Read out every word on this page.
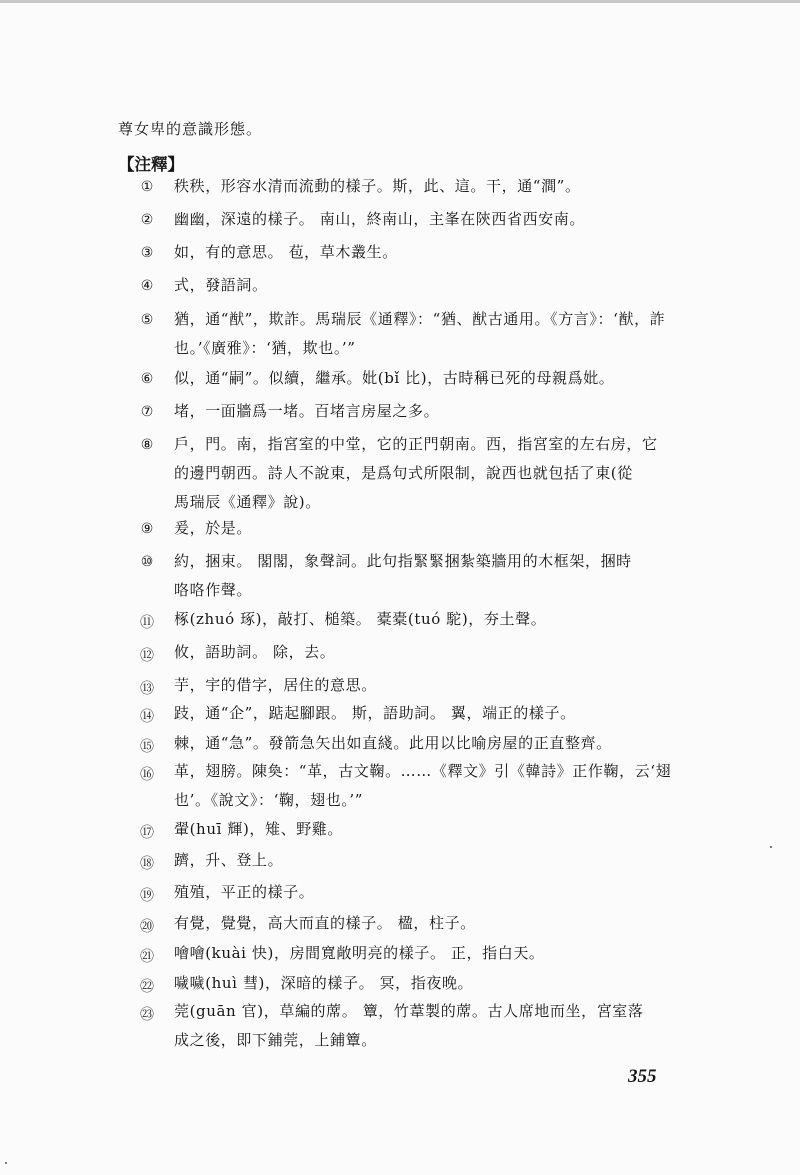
尊女卑的意識形態。
【注釋】
①	秩秩，形容水清而流動的樣子。斯，此、這。干，通“澗”。
②	幽幽，深遠的樣子。 南山，終南山，主峯在陝西省西安南。
③	如，有的意思。 苞，草木叢生。
④	式，發語詞。
⑤	猶，通“猷”，欺詐。馬瑞辰《通釋》：“猶、猷古通用。《方言》：‘猷，詐
也。’《廣雅》：‘猶，欺也。’”
⑥	似，通“嗣”。似續，繼承。妣(bǐ 比)，古時稱已死的母親爲妣。
⑦	堵，一面牆爲一堵。百堵言房屋之多。
⑧	戶，門。南，指宮室的中堂，它的正門朝南。西，指宮室的左右房，它
的邊門朝西。詩人不說東，是爲句式所限制，說西也就包括了東(從
馬瑞辰《通釋》說)。
⑨	爰，於是。
⑩	約，捆束。 閣閣，象聲詞。此句指緊緊捆紮築牆用的木框架，捆時
咯咯作聲。
⑪ 椓(zhuó 琢)，敲打、槌築。 橐橐(tuó 駝)，夯土聲。
⑫ 攸，語助詞。 除，去。
⑬ 芋，宇的借字，居住的意思。
⑭ 跂，通“企”，踮起腳跟。 斯，語助詞。 翼，端正的樣子。
⑮ 棘，通“急”。發箭急矢出如直綫。此用以比喻房屋的正直整齊。
⑯ 革，翅膀。陳奐：“革，古文鞠。……《釋文》引《韓詩》正作鞠，云‘翅
也’。《說文》：‘鞠，翅也。’”
⑰ 翬(huī 輝)，雉、野雞。
⑱ 躋，升、登上。
⑲ 殖殖，平正的樣子。
⑳ 有覺，覺覺，高大而直的樣子。 楹，柱子。
㉑ 噲噲(kuài 快)，房間寬敞明亮的樣子。 正，指白天。
㉒ 噦噦(huì 彗)，深暗的樣子。 冥，指夜晚。
㉓ 莞(guān 官)，草編的蓆。 簟，竹葦製的蓆。古人席地而坐，宮室落
成之後，即下鋪莞，上鋪簟。
355
